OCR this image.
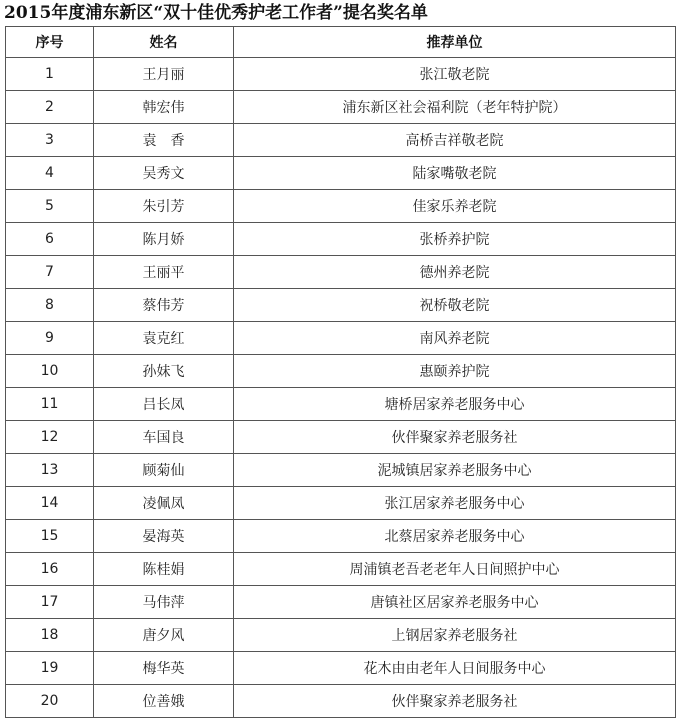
2015年度浦东新区“双十佳优秀护老工作者”提名奖名单
序号	姓名	推荐单位
1	王月丽	张江敬老院
2	韩宏伟	浦东新区社会福利院（老年特护院）
3	袁　香	高桥吉祥敬老院
4	吴秀文	陆家嘴敬老院
5	朱引芳	佳家乐养老院
6	陈月娇	张桥养护院
7	王丽平	德州养老院
8	蔡伟芳	祝桥敬老院
9	袁克红	南风养老院
10	孙妹飞	惠颐养护院
11	吕长凤	塘桥居家养老服务中心
12	车国良	伙伴聚家养老服务社
13	顾菊仙	泥城镇居家养老服务中心
14	凌佩凤	张江居家养老服务中心
15	晏海英	北蔡居家养老服务中心
16	陈桂娟	周浦镇老吾老老年人日间照护中心
17	马伟萍	唐镇社区居家养老服务中心
18	唐夕风	上钢居家养老服务社
19	梅华英	花木由由老年人日间服务中心
20	位善娥	伙伴聚家养老服务社
